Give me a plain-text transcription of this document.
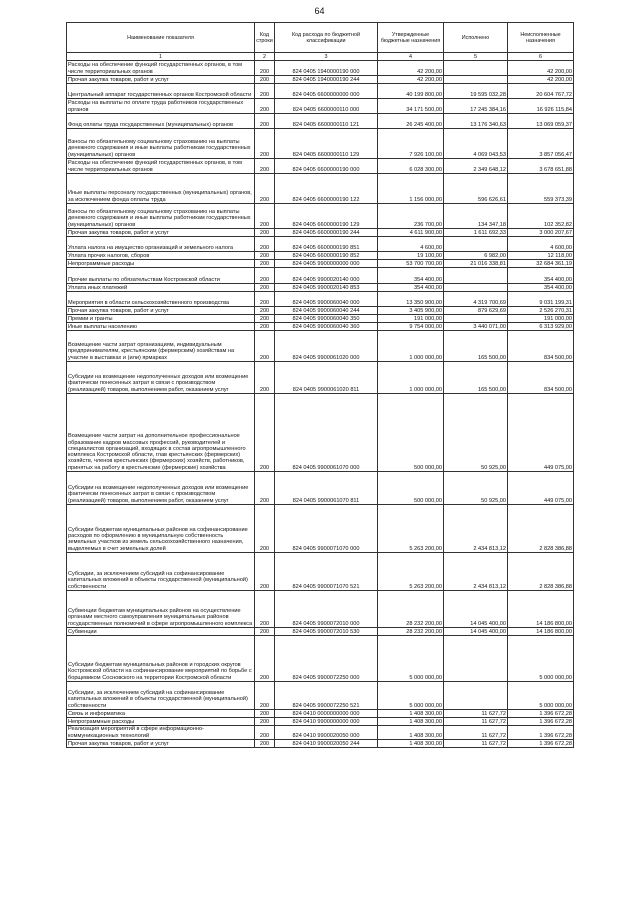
64
Наименование показателя	Код строки	Код расхода по бюджетной классификации	Утвержденные бюджетные назначения	Исполнено	Неисполненные назначения
1	2	3	4	5	6
Расходы на обеспечение функций государственных органов, в том числе территориальных органов	200	824 0405 1940000190 000	42 200,00		42 200,00
Прочая закупка товаров, работ и услуг	200	824 0405 1940000190 244	42 200,00		42 200,00
Центральный аппарат государственных органов Костромской области	200	824 0405 6600000000 000	40 199 800,00	19 595 032,28	20 604 767,72
Расходы на выплаты по оплате труда работников государственных органов	200	824 0405 6600000110 000	34 171 500,00	17 245 384,16	16 926 115,84
Фонд оплаты труда государственных (муниципальных) органов	200	824 0405 6600000110 121	26 245 400,00	13 176 340,63	13 069 059,37
Взносы по обязательному социальному страхованию на выплаты денежного содержания и иные выплаты работникам государственных (муниципальных) органов	200	824 0405 6600000110 129	7 926 100,00	4 069 043,53	3 857 056,47
Расходы на обеспечение функций государственных органов, в том числе территориальных органов	200	824 0405 6600000190 000	6 028 300,00	2 349 648,12	3 678 651,88
Иные выплаты персоналу государственных (муниципальных) органов, за исключением фонда оплаты труда	200	824 0405 6600000190 122	1 156 000,00	596 626,61	559 373,39
Взносы по обязательному социальному страхованию на выплаты денежного содержания и иные выплаты работникам государственных (муниципальных) органов	200	824 0405 6600000190 129	236 700,00	134 347,18	102 352,82
Прочая закупка товаров, работ и услуг	200	824 0405 6600000190 244	4 611 900,00	1 611 692,33	3 000 207,67
Уплата налога на имущество организаций и земельного налога	200	824 0405 6600000190 851	4 600,00		4 600,00
Уплата прочих налогов, сборов	200	824 0405 6600000190 852	19 100,00	6 982,00	12 118,00
Непрограммные расходы	200	824 0405 9900000000 000	53 700 700,00	21 016 338,81	32 684 361,19
Прочие выплаты по обязательствам Костромской области	200	824 0405 9900020140 000	354 400,00		354 400,00
Уплата иных платежей	200	824 0405 9900020140 853	354 400,00		354 400,00
Мероприятия в области сельскохозяйственного производства	200	824 0405 9900060040 000	13 350 900,00	4 319 700,69	9 031 199,31
Прочая закупка товаров, работ и услуг	200	824 0405 9900060040 244	3 405 900,00	879 629,69	2 526 270,31
Премии и гранты	200	824 0405 9900060040 350	191 000,00		191 000,00
Иные выплаты населению	200	824 0405 9900060040 360	9 754 000,00	3 440 071,00	6 313 929,00
Возмещение части затрат организациям, индивидуальным предпринимателям, крестьянским (фермерским) хозяйствам на участие в выставках и (или) ярмарках	200	824 0405 9900061020 000	1 000 000,00	165 500,00	834 500,00
Субсидии на возмещение недополученных доходов или возмещение фактически понесенных затрат в связи с производством (реализацией) товаров, выполнением работ, оказанием услуг	200	824 0405 9900061020 811	1 000 000,00	165 500,00	834 500,00
Возмещение части затрат на дополнительное профессиональное образование кадров массовых профессий, руководителей и специалистов организаций, входящих в состав агропромышленного комплекса Костромской области, глав крестьянских (фермерских) хозяйств, членов крестьянских (фермерских) хозяйств, работников, принятых на работу в крестьянские (фермерские) хозяйства	200	824 0405 9900061070 000	500 000,00	50 925,00	449 075,00
Субсидии на возмещение недополученных доходов или возмещение фактически понесенных затрат в связи с производством (реализацией) товаров, выполнением работ, оказанием услуг	200	824 0405 9900061070 811	500 000,00	50 925,00	449 075,00
Субсидии бюджетам муниципальных районов на софинансирование расходов по оформлению в муниципальную собственность земельных участков из земель сельскохозяйственного назначения, выделяемых в счет земельных долей	200	824 0405 9900071070 000	5 263 200,00	2 434 813,12	2 828 386,88
Субсидии, за исключением субсидий на софинансирование капитальных вложений в объекты государственной (муниципальной) собственности	200	824 0405 9900071070 521	5 263 200,00	2 434 813,12	2 828 386,88
Субвенции бюджетам муниципальных районов на осуществление органами местного самоуправления муниципальных районов государственных полномочий в сфере агропромышленного комплекса	200	824 0405 9900072010 000	28 232 200,00	14 045 400,00	14 186 800,00
Субвенции	200	824 0405 9900072010 530	28 232 200,00	14 045 400,00	14 186 800,00
Субсидии бюджетам муниципальных районов и городских округов Костромской области на софинансирование мероприятий по борьбе с борщевиком Сосновского на территории Костромской области	200	824 0405 9900072250 000	5 000 000,00		5 000 000,00
Субсидии, за исключением субсидий на софинансирование капитальных вложений в объекты государственной (муниципальной) собственности	200	824 0405 9900072250 521	5 000 000,00		5 000 000,00
Связь и информатика	200	824 0410 0000000000 000	1 408 300,00	11 627,72	1 396 672,28
Непрограммные расходы	200	824 0410 9900000000 000	1 408 300,00	11 627,72	1 396 672,28
Реализация мероприятий в сфере информационно-коммуникационных технологий	200	824 0410 9900020050 000	1 408 300,00	11 627,72	1 396 672,28
Прочая закупка товаров, работ и услуг	200	824 0410 9900020050 244	1 408 300,00	11 627,72	1 396 672,28
